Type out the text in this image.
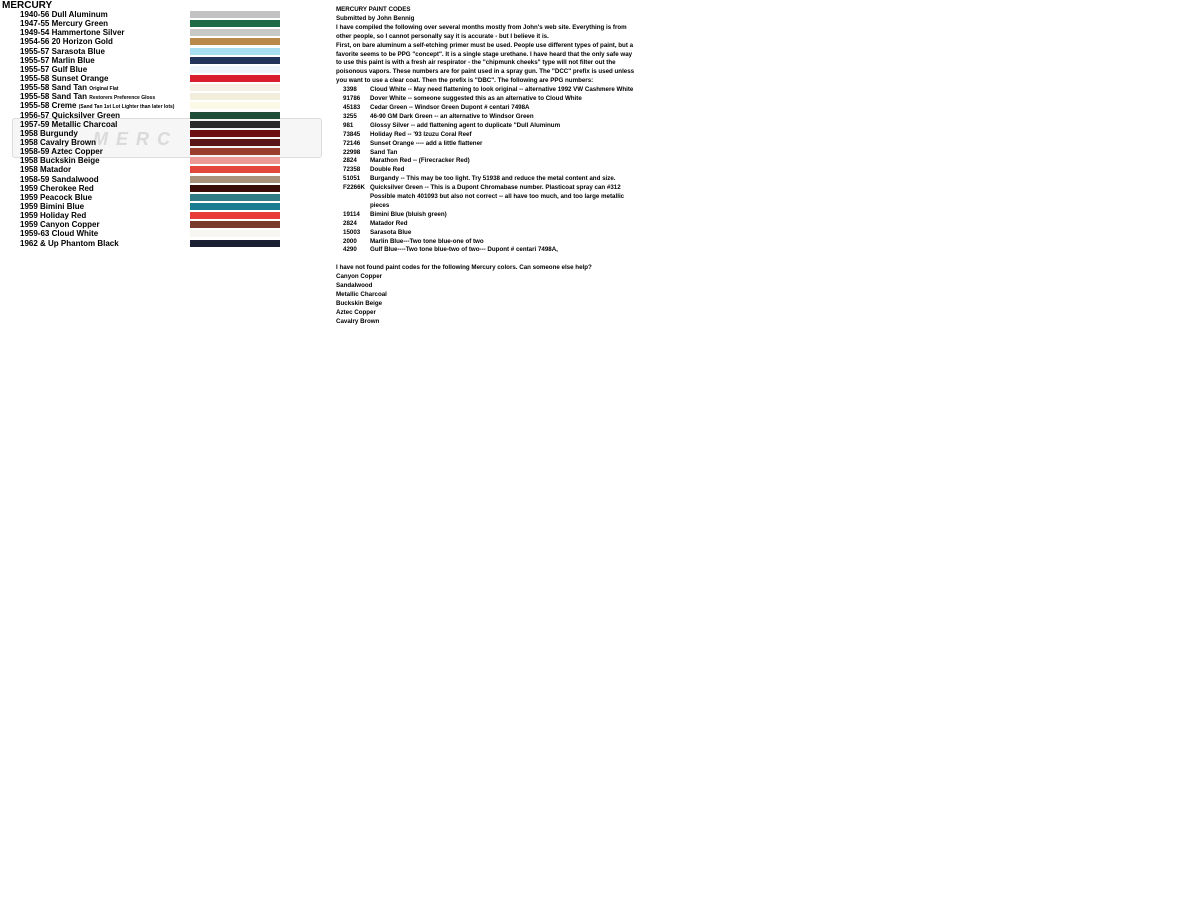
MERCURY
MERC
1940-56 Dull Aluminum
1947-55 Mercury Green
1949-54 Hammertone Silver
1954-56 20 Horizon Gold
1955-57 Sarasota Blue
1955-57 Marlin Blue
1955-57 Gulf Blue
1955-58 Sunset Orange
1955-58 Sand Tan Original Flat
1955-58 Sand Tan Restorers Preference Gloss
1955-58 Creme (Sand Tan 1st Lot Lighter than later lots)
1956-57 Quicksilver Green
1957-59 Metallic Charcoal
1958 Burgundy
1958 Cavalry Brown
1958-59 Aztec Copper
1958 Buckskin Beige
1958 Matador
1958-59 Sandalwood
1959 Cherokee Red
1959 Peacock Blue
1959 Bimini Blue
1959 Holiday Red
1959 Canyon Copper
1959-63 Cloud White
1962 & Up Phantom Black
MERCURY PAINT CODES
Submitted by John Bennig
I have compiled the following over several months mostly from John's web site. Everything is from
other people, so I cannot personally say it is accurate - but I believe it is.
First, on bare aluminum a self-etching primer must be used. People use different types of paint, but a
favorite seems to be PPG "concept". It is a single stage urethane. I have heard that the only safe way
to use this paint is with a fresh air respirator - the "chipmunk cheeks" type will not filter out the
poisonous vapors. These numbers are for paint used in a spray gun. The "DCC" prefix is used unless
you want to use a clear coat. Then the prefix is "DBC". The following are PPG numbers:
3398 Cloud White -- May need flattening to look original -- alternative 1992 VW Cashmere White
91786 Dover White -- someone suggested this as an alternative to Cloud White
45183 Cedar Green -- Windsor Green Dupont # centari 7498A
3255 46-90 GM Dark Green -- an alternative to Windsor Green
981	Glossy Silver -- add flattening agent to duplicate "Dull Aluminum
73845 Holiday Red -- '93 Izuzu Coral Reef
72146 Sunset Orange ---- add a little flattener
22998 Sand Tan
2824 Marathon Red -- (Firecracker Red)
72358 Double Red
51051 Burgandy -- This may be too light. Try 51938 and reduce the metal content and size.
F2266K Quicksilver Green -- This is a Dupont Chromabase number. Plasticoat spray can #312
Possible match 401093 but also not correct -- all have too much, and too large metallic
pieces
19114 Bimini Blue (bluish green)
2824 Matador Red
15003 Sarasota Blue
2000 Marlin Blue---Two tone blue-one of two
4290 Gulf Blue----Two tone blue-two of two--- Dupont # centari 7498A,
I have not found paint codes for the following Mercury colors. Can someone else help?
Canyon Copper
Sandalwood
Metallic Charcoal
Buckskin Beige
Aztec Copper
Cavalry Brown
